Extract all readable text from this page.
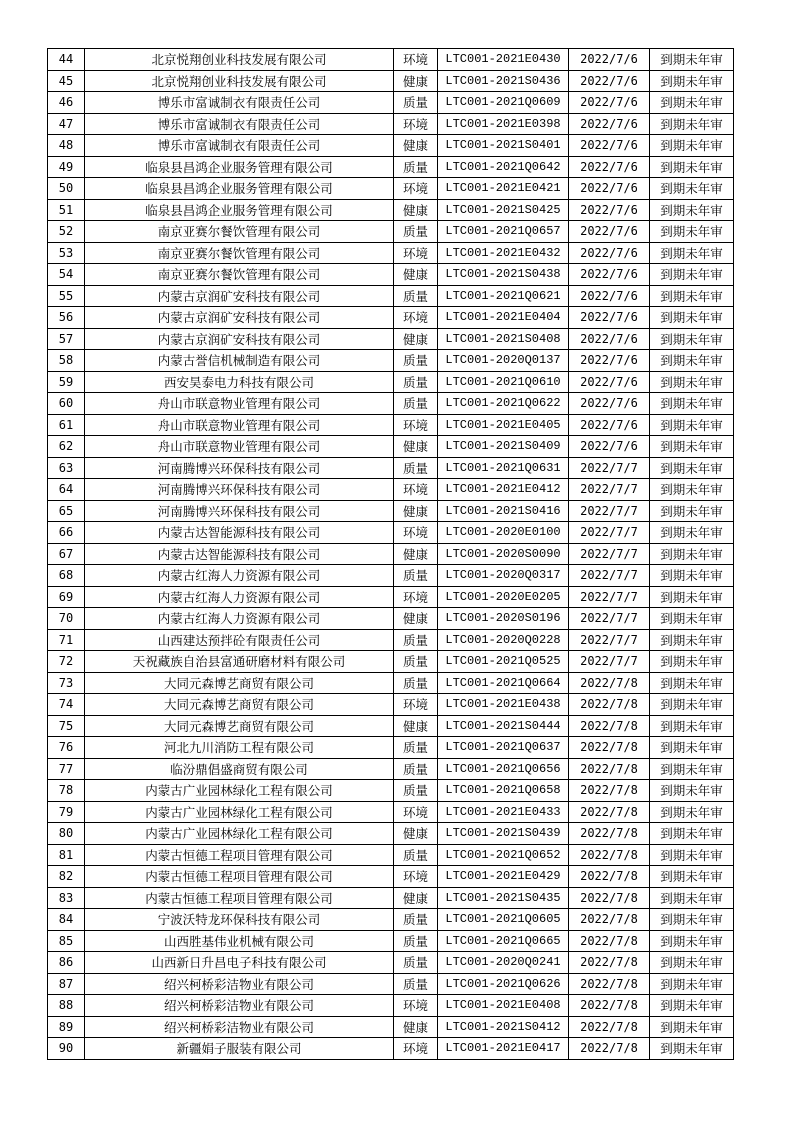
44	北京悦翔创业科技发展有限公司	环境	LTC001-2021E0430	2022/7/6	到期未年审
45	北京悦翔创业科技发展有限公司	健康	LTC001-2021S0436	2022/7/6	到期未年审
46	博乐市富诚制衣有限责任公司	质量	LTC001-2021Q0609	2022/7/6	到期未年审
47	博乐市富诚制衣有限责任公司	环境	LTC001-2021E0398	2022/7/6	到期未年审
48	博乐市富诚制衣有限责任公司	健康	LTC001-2021S0401	2022/7/6	到期未年审
49	临泉县昌鸿企业服务管理有限公司	质量	LTC001-2021Q0642	2022/7/6	到期未年审
50	临泉县昌鸿企业服务管理有限公司	环境	LTC001-2021E0421	2022/7/6	到期未年审
51	临泉县昌鸿企业服务管理有限公司	健康	LTC001-2021S0425	2022/7/6	到期未年审
52	南京亚赛尔餐饮管理有限公司	质量	LTC001-2021Q0657	2022/7/6	到期未年审
53	南京亚赛尔餐饮管理有限公司	环境	LTC001-2021E0432	2022/7/6	到期未年审
54	南京亚赛尔餐饮管理有限公司	健康	LTC001-2021S0438	2022/7/6	到期未年审
55	内蒙古京润矿安科技有限公司	质量	LTC001-2021Q0621	2022/7/6	到期未年审
56	内蒙古京润矿安科技有限公司	环境	LTC001-2021E0404	2022/7/6	到期未年审
57	内蒙古京润矿安科技有限公司	健康	LTC001-2021S0408	2022/7/6	到期未年审
58	内蒙古誉信机械制造有限公司	质量	LTC001-2020Q0137	2022/7/6	到期未年审
59	西安昊泰电力科技有限公司	质量	LTC001-2021Q0610	2022/7/6	到期未年审
60	舟山市联意物业管理有限公司	质量	LTC001-2021Q0622	2022/7/6	到期未年审
61	舟山市联意物业管理有限公司	环境	LTC001-2021E0405	2022/7/6	到期未年审
62	舟山市联意物业管理有限公司	健康	LTC001-2021S0409	2022/7/6	到期未年审
63	河南腾博兴环保科技有限公司	质量	LTC001-2021Q0631	2022/7/7	到期未年审
64	河南腾博兴环保科技有限公司	环境	LTC001-2021E0412	2022/7/7	到期未年审
65	河南腾博兴环保科技有限公司	健康	LTC001-2021S0416	2022/7/7	到期未年审
66	内蒙古达智能源科技有限公司	环境	LTC001-2020E0100	2022/7/7	到期未年审
67	内蒙古达智能源科技有限公司	健康	LTC001-2020S0090	2022/7/7	到期未年审
68	内蒙古红海人力资源有限公司	质量	LTC001-2020Q0317	2022/7/7	到期未年审
69	内蒙古红海人力资源有限公司	环境	LTC001-2020E0205	2022/7/7	到期未年审
70	内蒙古红海人力资源有限公司	健康	LTC001-2020S0196	2022/7/7	到期未年审
71	山西建达预拌砼有限责任公司	质量	LTC001-2020Q0228	2022/7/7	到期未年审
72	天祝藏族自治县富通研磨材料有限公司	质量	LTC001-2021Q0525	2022/7/7	到期未年审
73	大同元森博艺商贸有限公司	质量	LTC001-2021Q0664	2022/7/8	到期未年审
74	大同元森博艺商贸有限公司	环境	LTC001-2021E0438	2022/7/8	到期未年审
75	大同元森博艺商贸有限公司	健康	LTC001-2021S0444	2022/7/8	到期未年审
76	河北九川消防工程有限公司	质量	LTC001-2021Q0637	2022/7/8	到期未年审
77	临汾鼎倡盛商贸有限公司	质量	LTC001-2021Q0656	2022/7/8	到期未年审
78	内蒙古广业园林绿化工程有限公司	质量	LTC001-2021Q0658	2022/7/8	到期未年审
79	内蒙古广业园林绿化工程有限公司	环境	LTC001-2021E0433	2022/7/8	到期未年审
80	内蒙古广业园林绿化工程有限公司	健康	LTC001-2021S0439	2022/7/8	到期未年审
81	内蒙古恒德工程项目管理有限公司	质量	LTC001-2021Q0652	2022/7/8	到期未年审
82	内蒙古恒德工程项目管理有限公司	环境	LTC001-2021E0429	2022/7/8	到期未年审
83	内蒙古恒德工程项目管理有限公司	健康	LTC001-2021S0435	2022/7/8	到期未年审
84	宁波沃特龙环保科技有限公司	质量	LTC001-2021Q0605	2022/7/8	到期未年审
85	山西胜基伟业机械有限公司	质量	LTC001-2021Q0665	2022/7/8	到期未年审
86	山西新日升昌电子科技有限公司	质量	LTC001-2020Q0241	2022/7/8	到期未年审
87	绍兴柯桥彩洁物业有限公司	质量	LTC001-2021Q0626	2022/7/8	到期未年审
88	绍兴柯桥彩洁物业有限公司	环境	LTC001-2021E0408	2022/7/8	到期未年审
89	绍兴柯桥彩洁物业有限公司	健康	LTC001-2021S0412	2022/7/8	到期未年审
90	新疆娟子服装有限公司	环境	LTC001-2021E0417	2022/7/8	到期未年审
